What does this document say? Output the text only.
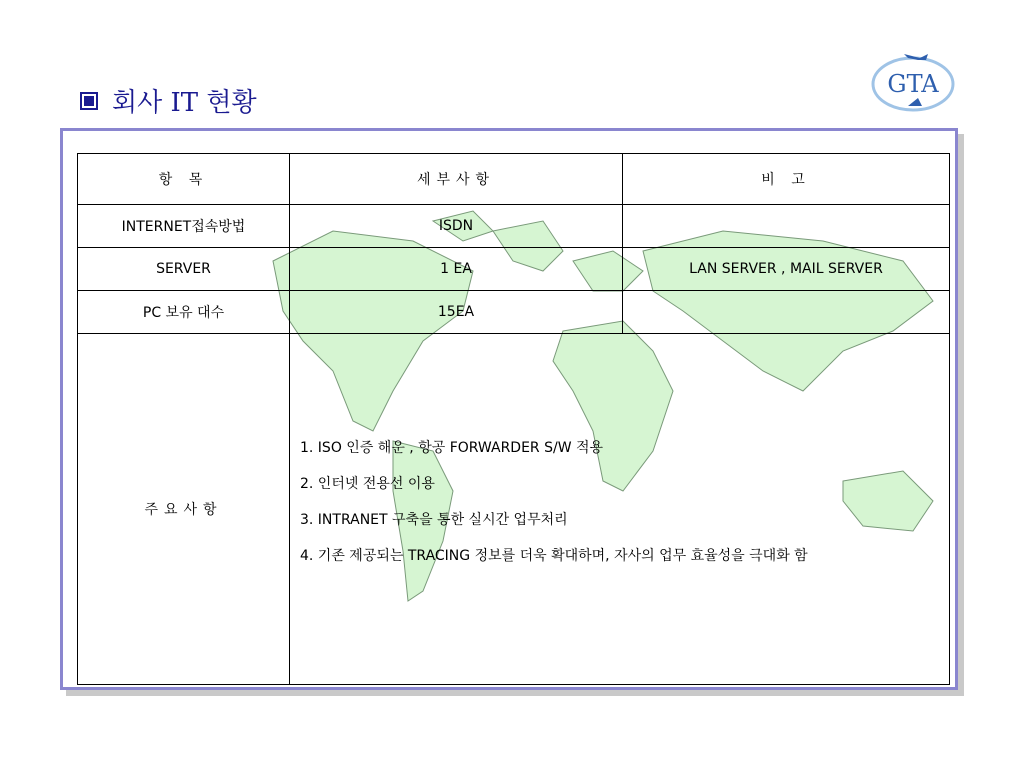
회사 IT 현황
GTA
항 목	세부사항	비 고
INTERNET접속방법	ISDN	
SERVER	1 EA	LAN SERVER , MAIL SERVER
PC 보유 대수	15EA	
주요사항	1. ISO 인증 해운 , 항공 FORWARDER S/W 적용
2. 인터넷 전용선 이용
3. INTRANET 구축을 통한 실시간 업무처리
4. 기존 제공되는 TRACING 정보를 더욱 확대하며, 자사의 업무 효율성을 극대화 함	
